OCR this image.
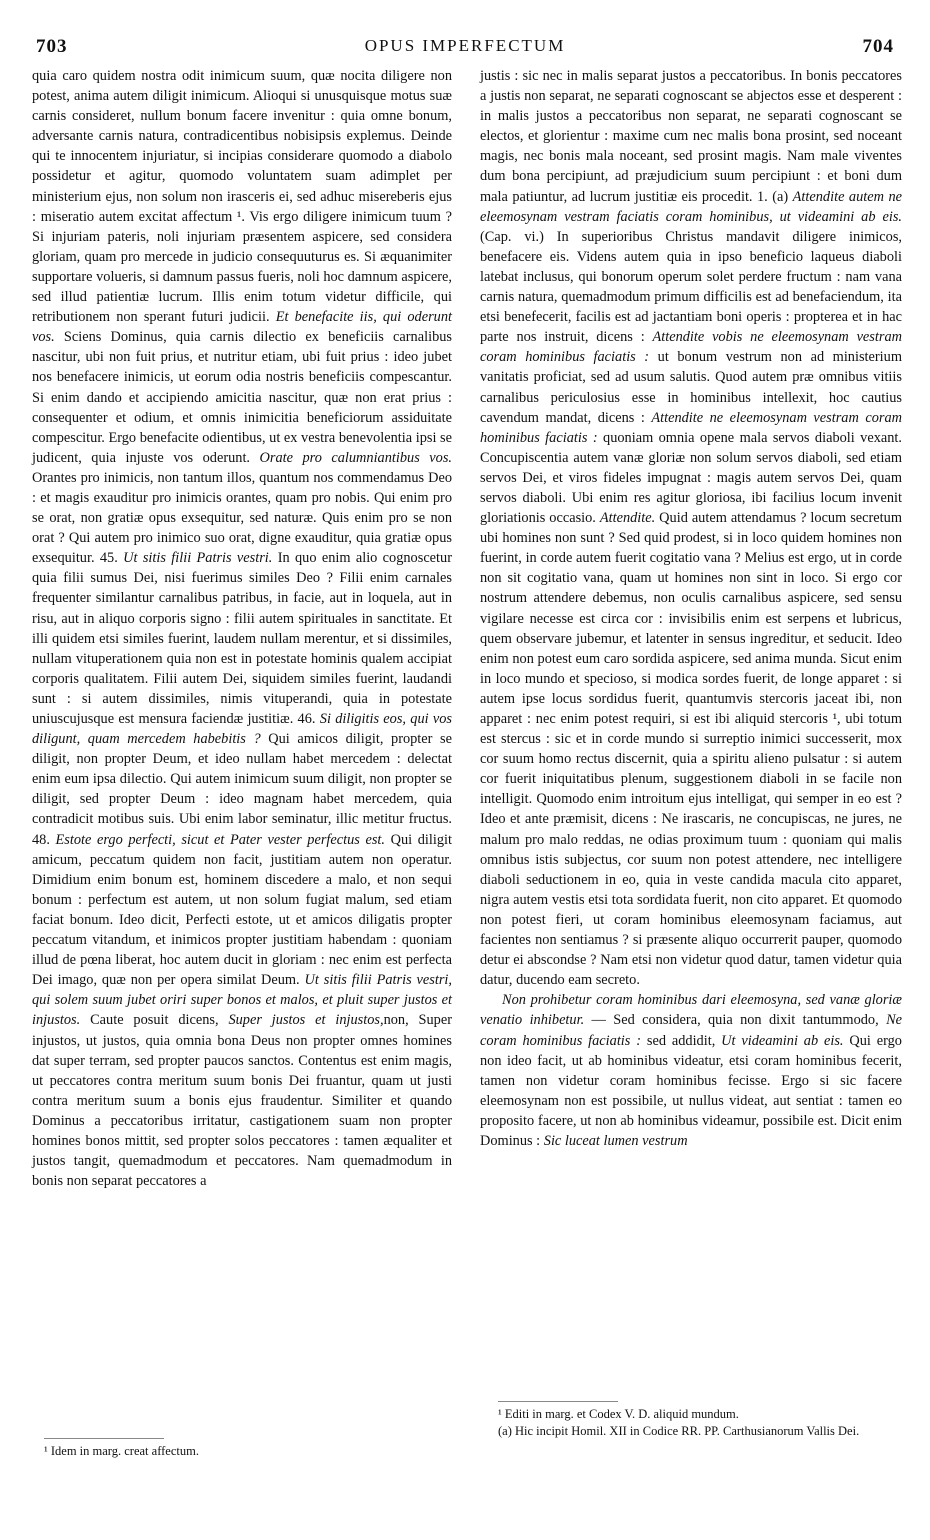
703	OPUS IMPERFECTUM	704

quia caro quidem nostra odit inimicum suum, quæ nocita diligere non potest, anima autem diligit inimicum. Alioqui si unusquisque motus suæ carnis consideret, nullum bonum facere invenitur : quia omne bonum, adversante carnis natura, contradicentibus nobisipsis explemus. Deinde qui te innocentem injuriatur, si incipias considerare quomodo a diabolo possidetur et agitur, quomodo voluntatem suam adimplet per ministerium ejus, non solum non irasceris ei, sed adhuc misereberis ejus : miseratio autem excitat affectum ¹. Vis ergo diligere inimicum tuum ? Si injuriam pateris, noli injuriam præsentem aspicere, sed considera gloriam, quam pro mercede in judicio consequuturus es. Si æquanimiter supportare volueris, si damnum passus fueris, noli hoc damnum aspicere, sed illud patientiæ lucrum. Illis enim totum videtur difficile, qui retributionem non sperant futuri judicii. Et benefacite iis, qui oderunt vos. Sciens Dominus, quia carnis dilectio ex beneficiis carnalibus nascitur, ubi non fuit prius, et nutritur etiam, ubi fuit prius : ideo jubet nos benefacere inimicis, ut eorum odia nostris beneficiis compescantur. Si enim dando et accipiendo amicitia nascitur, quæ non erat prius : consequenter et odium, et omnis inimicitia beneficiorum assiduitate compescitur. Ergo benefacite odientibus, ut ex vestra benevolentia ipsi se judicent, quia injuste vos oderunt. Orate pro calumniantibus vos. Orantes pro inimicis, non tantum illos, quantum nos commendamus Deo : et magis exauditur pro inimicis orantes, quam pro nobis. Qui enim pro se orat, non gratiæ opus exsequitur, sed naturæ. Quis enim pro se non orat ? Qui autem pro inimico suo orat, digne exauditur, quia gratiæ opus exsequitur. 45. Ut sitis filii Patris vestri. In quo enim alio cognoscetur quia filii sumus Dei, nisi fuerimus similes Deo ? Filii enim carnales frequenter similantur carnalibus patribus, in facie, aut in loquela, aut in risu, aut in aliquo corporis signo : filii autem spirituales in sanctitate. Et illi quidem etsi similes fuerint, laudem nullam merentur, et si dissimiles, nullam vituperationem quia non est in potestate hominis qualem accipiat corporis qualitatem. Filii autem Dei, siquidem similes fuerint, laudandi sunt : si autem dissimiles, nimis vituperandi, quia in potestate uniuscujusque est mensura faciendæ justitiæ. 46. Si diligitis eos, qui vos diligunt, quam mercedem habebitis ? Qui amicos diligit, propter se diligit, non propter Deum, et ideo nullam habet mercedem : delectat enim eum ipsa dilectio. Qui autem inimicum suum diligit, non propter se diligit, sed propter Deum : ideo magnam habet mercedem, quia contradicit motibus suis. Ubi enim labor seminatur, illic metitur fructus. 48. Estote ergo perfecti, sicut et Pater vester perfectus est. Qui diligit amicum, peccatum quidem non facit, justitiam autem non operatur. Dimidium enim bonum est, hominem discedere a malo, et non sequi bonum : perfectum est autem, ut non solum fugiat malum, sed etiam faciat bonum. Ideo dicit, Perfecti estote, ut et amicos diligatis propter peccatum vitandum, et inimicos propter justitiam habendam : quoniam illud de pœna liberat, hoc autem ducit in gloriam : nec enim est perfecta Dei imago, quæ non per opera similat Deum. Ut sitis filii Patris vestri, qui solem suum jubet oriri super bonos et malos, et pluit super justos et injustos. Caute posuit dicens, Super justos et injustos,non, Super injustos, ut justos, quia omnia bona Deus non propter omnes homines dat super terram, sed propter paucos sanctos. Contentus est enim magis, ut peccatores contra meritum suum bonis Dei fruantur, quam ut justi contra meritum suum a bonis ejus fraudentur. Similiter et quando Dominus a peccatoribus irritatur, castigationem suam non propter homines bonos mittit, sed propter solos peccatores : tamen æqualiter et justos tangit, quemadmodum et peccatores. Nam quemadmodum in bonis non separat peccatores a

justis : sic nec in malis separat justos a peccatoribus. In bonis peccatores a justis non separat, ne separati cognoscant se abjectos esse et desperent : in malis justos a peccatoribus non separat, ne separati cognoscant se electos, et glorientur : maxime cum nec malis bona prosint, sed noceant magis, nec bonis mala noceant, sed prosint magis. Nam male viventes dum bona percipiunt, ad præjudicium suum percipiunt : et boni dum mala patiuntur, ad lucrum justitiæ eis procedit. 1. (a) Attendite autem ne eleemosynam vestram faciatis coram hominibus, ut videamini ab eis. (Cap. vi.) In superioribus Christus mandavit diligere inimicos, benefacere eis. Videns autem quia in ipso beneficio laqueus diaboli latebat inclusus, qui bonorum operum solet perdere fructum : nam vana carnis natura, quemadmodum primum difficilis est ad benefaciendum, ita etsi benefecerit, facilis est ad jactantiam boni operis : propterea et in hac parte nos instruit, dicens : Attendite vobis ne eleemosynam vestram coram hominibus faciatis : ut bonum vestrum non ad ministerium vanitatis proficiat, sed ad usum salutis. Quod autem præ omnibus vitiis carnalibus periculosius esse in hominibus intellexit, hoc cautius cavendum mandat, dicens : Attendite ne eleemosynam vestram coram hominibus faciatis : quoniam omnia opene mala servos diaboli vexant. Concupiscentia autem vanæ gloriæ non solum servos diaboli, sed etiam servos Dei, et viros fideles impugnat : magis autem servos Dei, quam servos diaboli. Ubi enim res agitur gloriosa, ibi facilius locum invenit gloriationis occasio. Attendite. Quid autem attendamus ? locum secretum ubi homines non sunt ? Sed quid prodest, si in loco quidem homines non fuerint, in corde autem fuerit cogitatio vana ? Melius est ergo, ut in corde non sit cogitatio vana, quam ut homines non sint in loco. Si ergo cor nostrum attendere debemus, non oculis carnalibus aspicere, sed sensu vigilare necesse est circa cor : invisibilis enim est serpens et lubricus, quem observare jubemur, et latenter in sensus ingreditur, et seducit. Ideo enim non potest eum caro sordida aspicere, sed anima munda. Sicut enim in loco mundo et specioso, si modica sordes fuerit, de longe apparet : si autem ipse locus sordidus fuerit, quantumvis stercoris jaceat ibi, non apparet : nec enim potest requiri, si est ibi aliquid stercoris ¹, ubi totum est stercus : sic et in corde mundo si surreptio inimici successerit, mox cor suum homo rectus discernit, quia a spiritu alieno pulsatur : si autem cor fuerit iniquitatibus plenum, suggestionem diaboli in se facile non intelligit. Quomodo enim introitum ejus intelligat, qui semper in eo est ? Ideo et ante præmisit, dicens : Ne irascaris, ne concupiscas, ne jures, ne malum pro malo reddas, ne odias proximum tuum : quoniam qui malis omnibus istis subjectus, cor suum non potest attendere, nec intelligere diaboli seductionem in eo, quia in veste candida macula cito apparet, nigra autem vestis etsi tota sordidata fuerit, non cito apparet. Et quomodo non potest fieri, ut coram hominibus eleemosynam faciamus, aut facientes non sentiamus ? si præsente aliquo occurrerit pauper, quomodo detur ei abscondse ? Nam etsi non videtur quod datur, tamen videtur quia datur, ducendo eam secreto.

Non prohibetur coram hominibus dari eleemosyna, sed vanæ gloriæ venatio inhibetur. — Sed considera, quia non dixit tantummodo, Ne coram hominibus faciatis : sed addidit, Ut videamini ab eis. Qui ergo non ideo facit, ut ab hominibus videatur, etsi coram hominibus fecerit, tamen non videtur coram hominibus fecisse. Ergo si sic facere eleemosynam non est possibile, ut nullus videat, aut sentiat : tamen eo proposito facere, ut non ab hominibus videamur, possibile est. Dicit enim Dominus : Sic luceat lumen vestrum

¹ Idem in marg. creat affectum.

¹ Editi in marg. et Codex V. D. aliquid mundum.

(a) Hic incipit Homil. XII in Codice RR. PP. Carthusianorum Vallis Dei.
